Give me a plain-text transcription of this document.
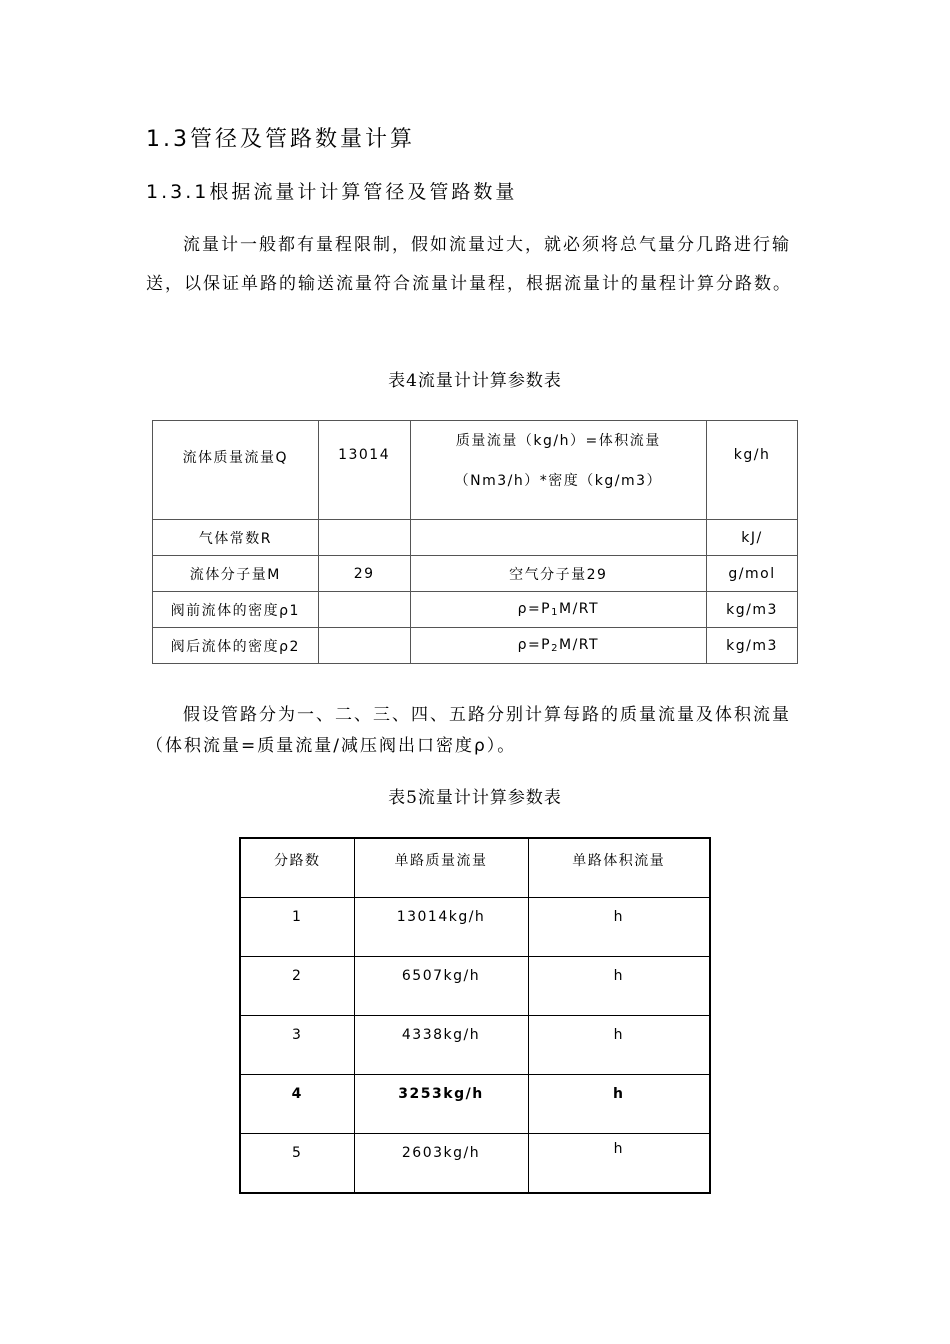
1.3管径及管路数量计算
1.3.1根据流量计计算管径及管路数量
流量计一般都有量程限制，假如流量过大，就必须将总气量分几路进行输送，以保证单路的输送流量符合流量计量程，根据流量计的量程计算分路数。
表4流量计计算参数表
流体质量流量Q	13014	质量流量（kg/h）=体积流量
（Nm3/h）*密度（kg/m3）	kg/h
气体常数R			kJ/
流体分子量M	29	空气分子量29	g/mol
阀前流体的密度ρ1		$\rho=P_1M/RT$	kg/m3
阀后流体的密度ρ2		$\rho=P_2M/RT$	kg/m3
假设管路分为一、二、三、四、五路分别计算每路的质量流量及体积流量（体积流量=质量流量/减压阀出口密度ρ）。
表5流量计计算参数表
分路数	单路质量流量	单路体积流量
1	13014kg/h	h
2	6507kg/h	h
3	4338kg/h	h
4	3253kg/h	h
5	2603kg/h	h
